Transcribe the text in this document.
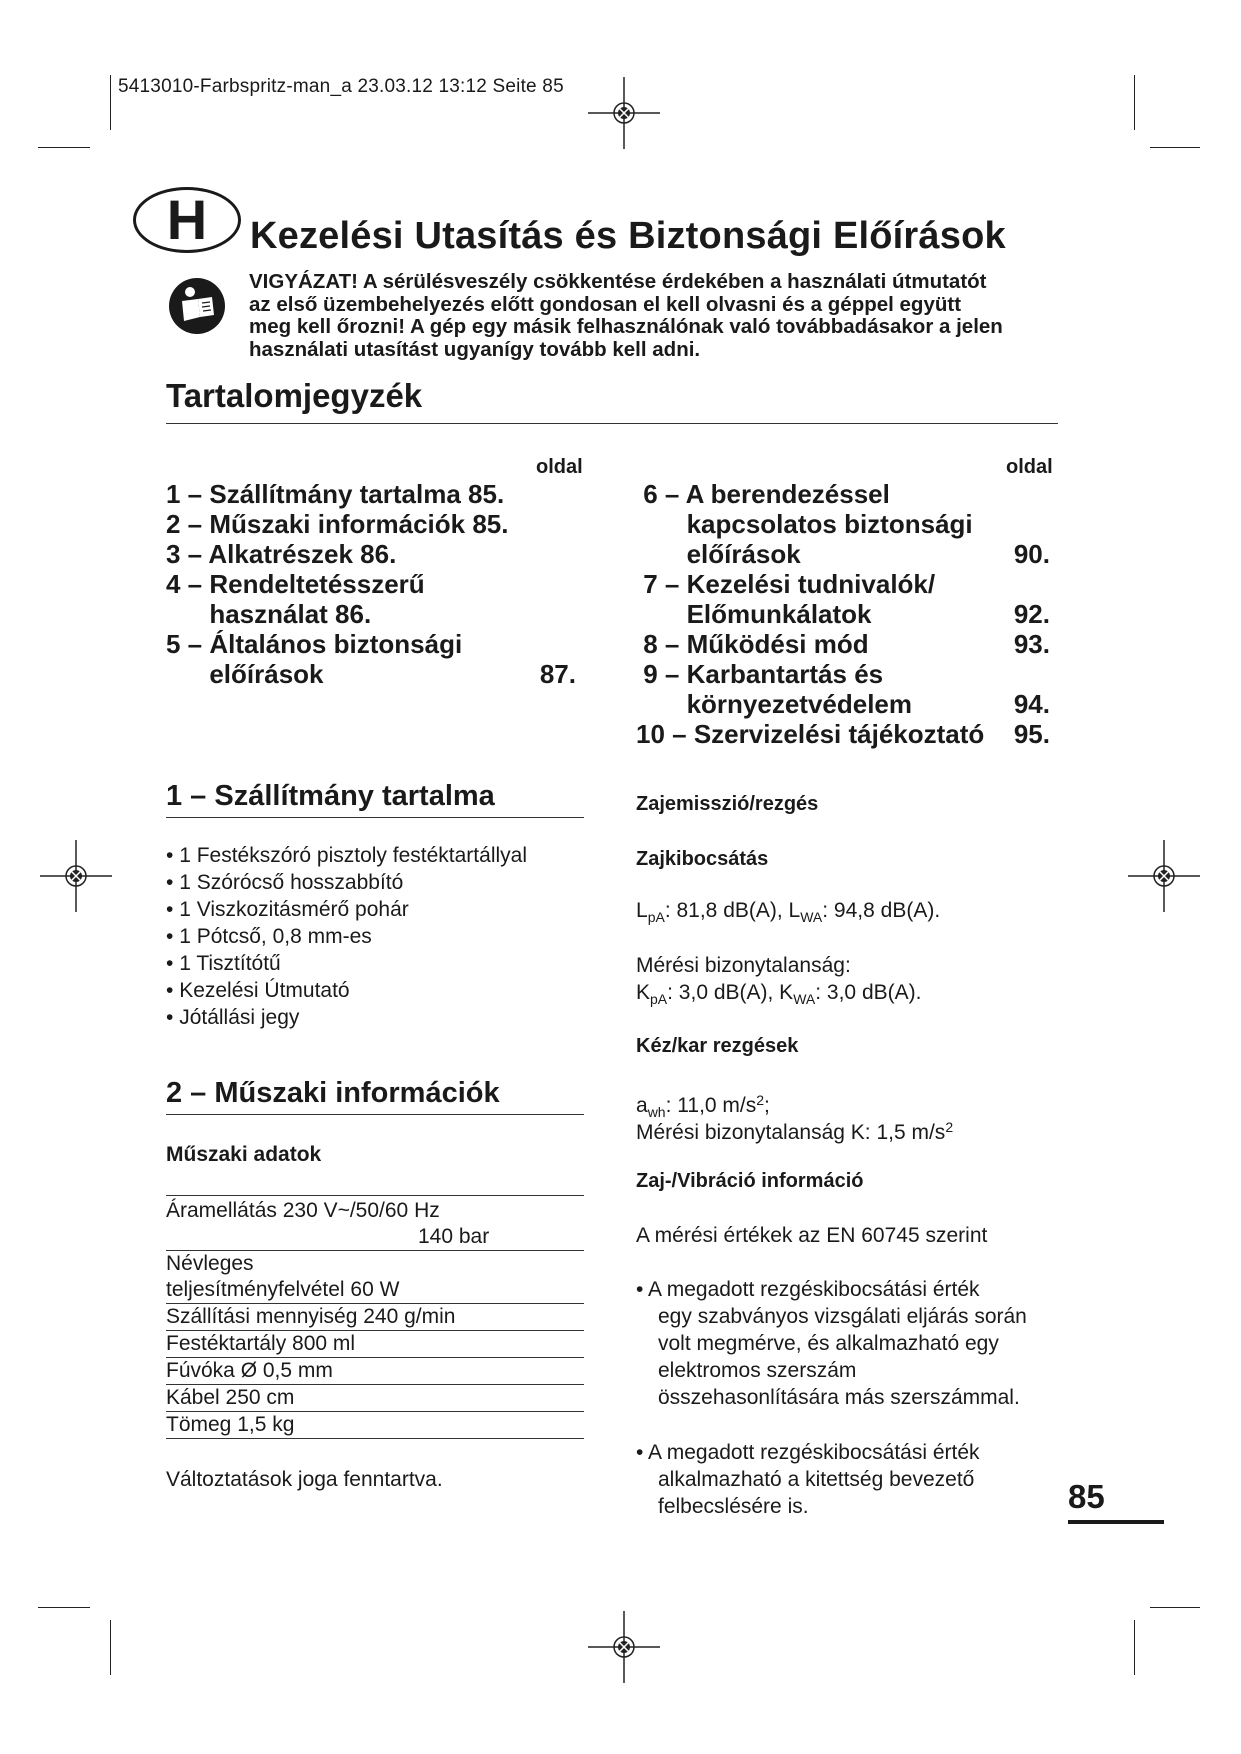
5413010-Farbspritz-man_a 23.03.12 13:12 Seite 85
H	Kezelési Utasítás és Biztonsági Előírások
VIGYÁZAT! A sérülésveszély csökkentése érdekében a használati útmutatót
az első üzembehelyezés előtt gondosan el kell olvasni és a géppel együtt
meg kell őrozni! A gép egy másik felhasználónak való továbbadásakor a jelen
használati utasítást ugyanígy tovább kell adni.
Tartalomjegyzék
oldal	oldal
1 – Szállítmány tartalma 85.
2 – Műszaki információk 85.
3 – Alkatrészek 86.
4 – Rendeltetésszerű
használat 86.
5 – Általános biztonsági
előírások	87.
6 – A berendezéssel
kapcsolatos biztonsági
előírások	90.
7 – Kezelési tudnivalók/
Előmunkálatok	92.
8 – Működési mód	93.
9 – Karbantartás és
környezetvédelem	94.
10 – Szervizelési tájékoztató 95.
1 – Szállítmány tartalma
• 1 Festékszóró pisztoly festéktartállyal
• 1 Szórócső hosszabbító
• 1 Viszkozitásmérő pohár
• 1 Pótcső, 0,8 mm-es
• 1 Tisztítótű
• Kezelési Útmutató
• Jótállási jegy
2 – Műszaki információk
Műszaki adatok
Áramellátás 230 V~/50/60 Hz
140 bar
Névleges
teljesítményfelvétel 60 W
Szállítási mennyiség 240 g/min
Festéktartály 800 ml
Fúvóka Ø 0,5 mm
Kábel 250 cm
Tömeg 1,5 kg
Változtatások joga fenntartva.
Zajemisszió/rezgés
Zajkibocsátás
$L_{pA}$: 81,8 dB(A), $L_{WA}$: 94,8 dB(A).
Mérési bizonytalanság:
$K_{pA}$: 3,0 dB(A), $K_{WA}$: 3,0 dB(A).
Kéz/kar rezgések
$a_{wh}$: 11,0 $m/s^2$;
Mérési bizonytalanság K: 1,5 $m/s^2$
Zaj-/Vibráció információ
A mérési értékek az EN 60745 szerint
• A megadott rezgéskibocsátási érték
egy szabványos vizsgálati eljárás során
volt megmérve, és alkalmazható egy
elektromos szerszám
összehasonlítására más szerszámmal.
• A megadott rezgéskibocsátási érték
alkalmazható a kitettség bevezető
felbecslésére is.	85
